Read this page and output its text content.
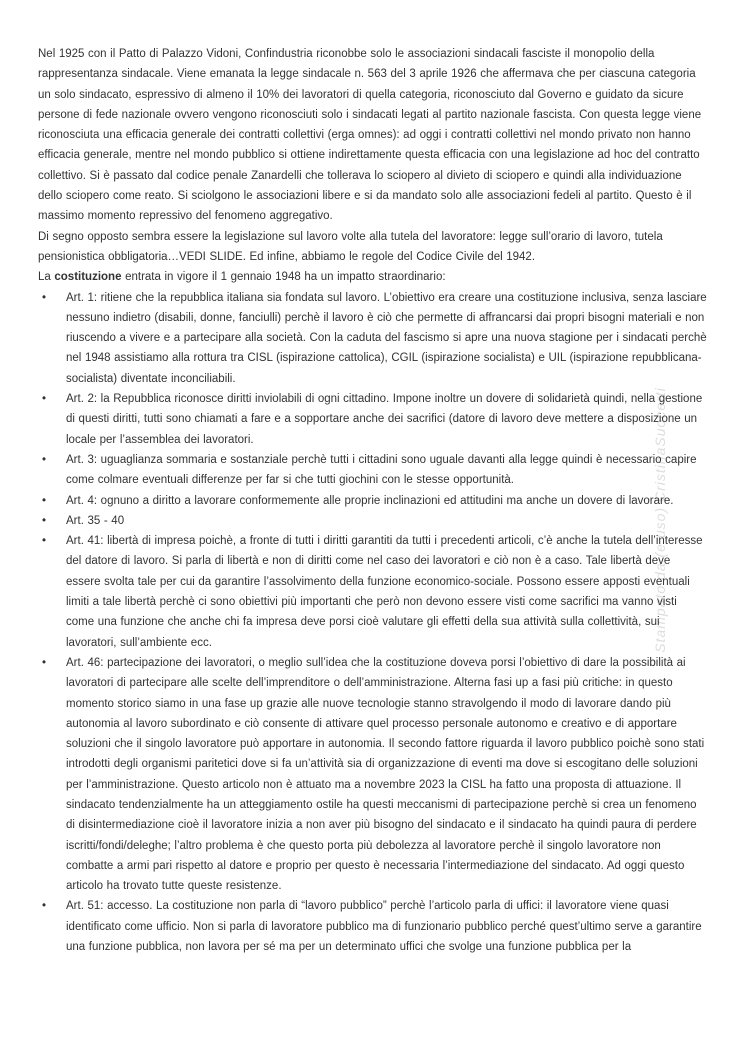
Stampato da (e uso) CristinaSuocerti

Nel 1925 con il Patto di Palazzo Vidoni, Confindustria riconobbe solo le associazioni sindacali fasciste il monopolio della rappresentanza sindacale. Viene emanata la legge sindacale n. 563 del 3 aprile 1926 che affermava che per ciascuna categoria un solo sindacato, espressivo di almeno il 10% dei lavoratori di quella categoria, riconosciuto dal Governo e guidato da sicure persone di fede nazionale ovvero vengono riconosciuti solo i sindacati legati al partito nazionale fascista. Con questa legge viene riconosciuta una efficacia generale dei contratti collettivi (erga omnes): ad oggi i contratti collettivi nel mondo privato non hanno efficacia generale, mentre nel mondo pubblico si ottiene indirettamente questa efficacia con una legislazione ad hoc del contratto collettivo. Si è passato dal codice penale Zanardelli che tollerava lo sciopero al divieto di sciopero e quindi alla individuazione dello sciopero come reato. Si sciolgono le associazioni libere e si da mandato solo alle associazioni fedeli al partito. Questo è il massimo momento repressivo del fenomeno aggregativo.

Di segno opposto sembra essere la legislazione sul lavoro volte alla tutela del lavoratore: legge sull’orario di lavoro, tutela pensionistica obbligatoria…VEDI SLIDE. Ed infine, abbiamo le regole del Codice Civile del 1942.

La costituzione entrata in vigore il 1 gennaio 1948 ha un impatto straordinario:

•	Art. 1: ritiene che la repubblica italiana sia fondata sul lavoro. L’obiettivo era creare una costituzione inclusiva, senza lasciare nessuno indietro (disabili, donne, fanciulli) perchè il lavoro è ciò che permette di affrancarsi dai propri bisogni materiali e non riuscendo a vivere e a partecipare alla società. Con la caduta del fascismo si apre una nuova stagione per i sindacati perchè nel 1948 assistiamo alla rottura tra CISL (ispirazione cattolica), CGIL (ispirazione socialista) e UIL (ispirazione repubblicana-socialista) diventate inconciliabili.
•	Art. 2: la Repubblica riconosce diritti inviolabili di ogni cittadino. Impone inoltre un dovere di solidarietà quindi, nella gestione di questi diritti, tutti sono chiamati a fare e a sopportare anche dei sacrifici (datore di lavoro deve mettere a disposizione un locale per l’assemblea dei lavoratori.
•	Art. 3: uguaglianza sommaria e sostanziale perchè tutti i cittadini sono uguale davanti alla legge quindi è necessario capire come colmare eventuali differenze per far si che tutti giochini con le stesse opportunità.
•	Art. 4: ognuno a diritto a lavorare conformemente alle proprie inclinazioni ed attitudini ma anche un dovere di lavorare.
•	Art. 35 - 40
•	Art. 41: libertà di impresa poichè, a fronte di tutti i diritti garantiti da tutti i precedenti articoli, c’è anche la tutela dell’interesse del datore di lavoro. Si parla di libertà e non di diritti come nel caso dei lavoratori e ciò non è a caso. Tale libertà deve essere svolta tale per cui da garantire l’assolvimento della funzione economico-sociale. Possono essere apposti eventuali limiti a tale libertà perchè ci sono obiettivi più importanti che però non devono essere visti come sacrifici ma vanno visti come una funzione che anche chi fa impresa deve porsi cioè valutare gli effetti della sua attività sulla collettività, sui lavoratori, sull’ambiente ecc.
•	Art. 46: partecipazione dei lavoratori, o meglio sull’idea che la costituzione doveva porsi l’obiettivo di dare la possibilità ai lavoratori di partecipare alle scelte dell’imprenditore o dell’amministrazione. Alterna fasi up a fasi più critiche: in questo momento storico siamo in una fase up grazie alle nuove tecnologie stanno stravolgendo il modo di lavorare dando più autonomia al lavoro subordinato e ciò consente di attivare quel processo personale autonomo e creativo e di apportare soluzioni che il singolo lavoratore può apportare in autonomia. Il secondo fattore riguarda il lavoro pubblico poichè sono stati introdotti degli organismi paritetici dove si fa un’attività sia di organizzazione di eventi ma dove si escogitano delle soluzioni per l’amministrazione. Questo articolo non è attuato ma a novembre 2023 la CISL ha fatto una proposta di attuazione. Il sindacato tendenzialmente ha un atteggiamento ostile ha questi meccanismi di partecipazione perchè si crea un fenomeno di disintermediazione cioè il lavoratore inizia a non aver più bisogno del sindacato e il sindacato ha quindi paura di perdere iscritti/fondi/deleghe; l’altro problema è che questo porta più debolezza al lavoratore perchè il singolo lavoratore non combatte a armi pari rispetto al datore e proprio per questo è necessaria l’intermediazione del sindacato. Ad oggi questo articolo ha trovato tutte queste resistenze.
•	Art. 51: accesso. La costituzione non parla di “lavoro pubblico” perchè l’articolo parla di uffici: il lavoratore viene quasi identificato come ufficio. Non si parla di lavoratore pubblico ma di funzionario pubblico perché quest’ultimo serve a garantire una funzione pubblica, non lavora per sé ma per un determinato uffici che svolge una funzione pubblica per la
